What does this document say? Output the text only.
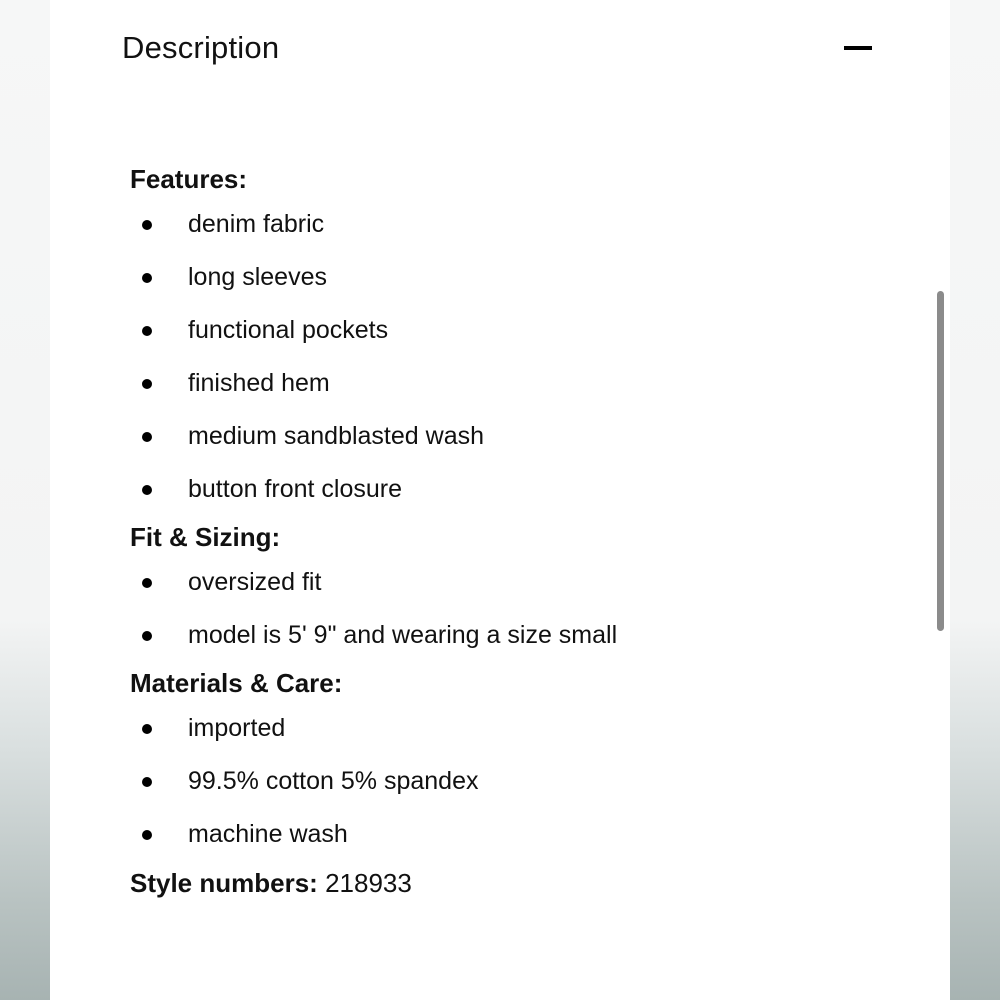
Description
Features:
denim fabric
long sleeves
functional pockets
finished hem
medium sandblasted wash
button front closure
Fit & Sizing:
oversized fit
model is 5' 9" and wearing a size small
Materials & Care:
imported
99.5% cotton 5% spandex
machine wash
Style numbers: 218933
